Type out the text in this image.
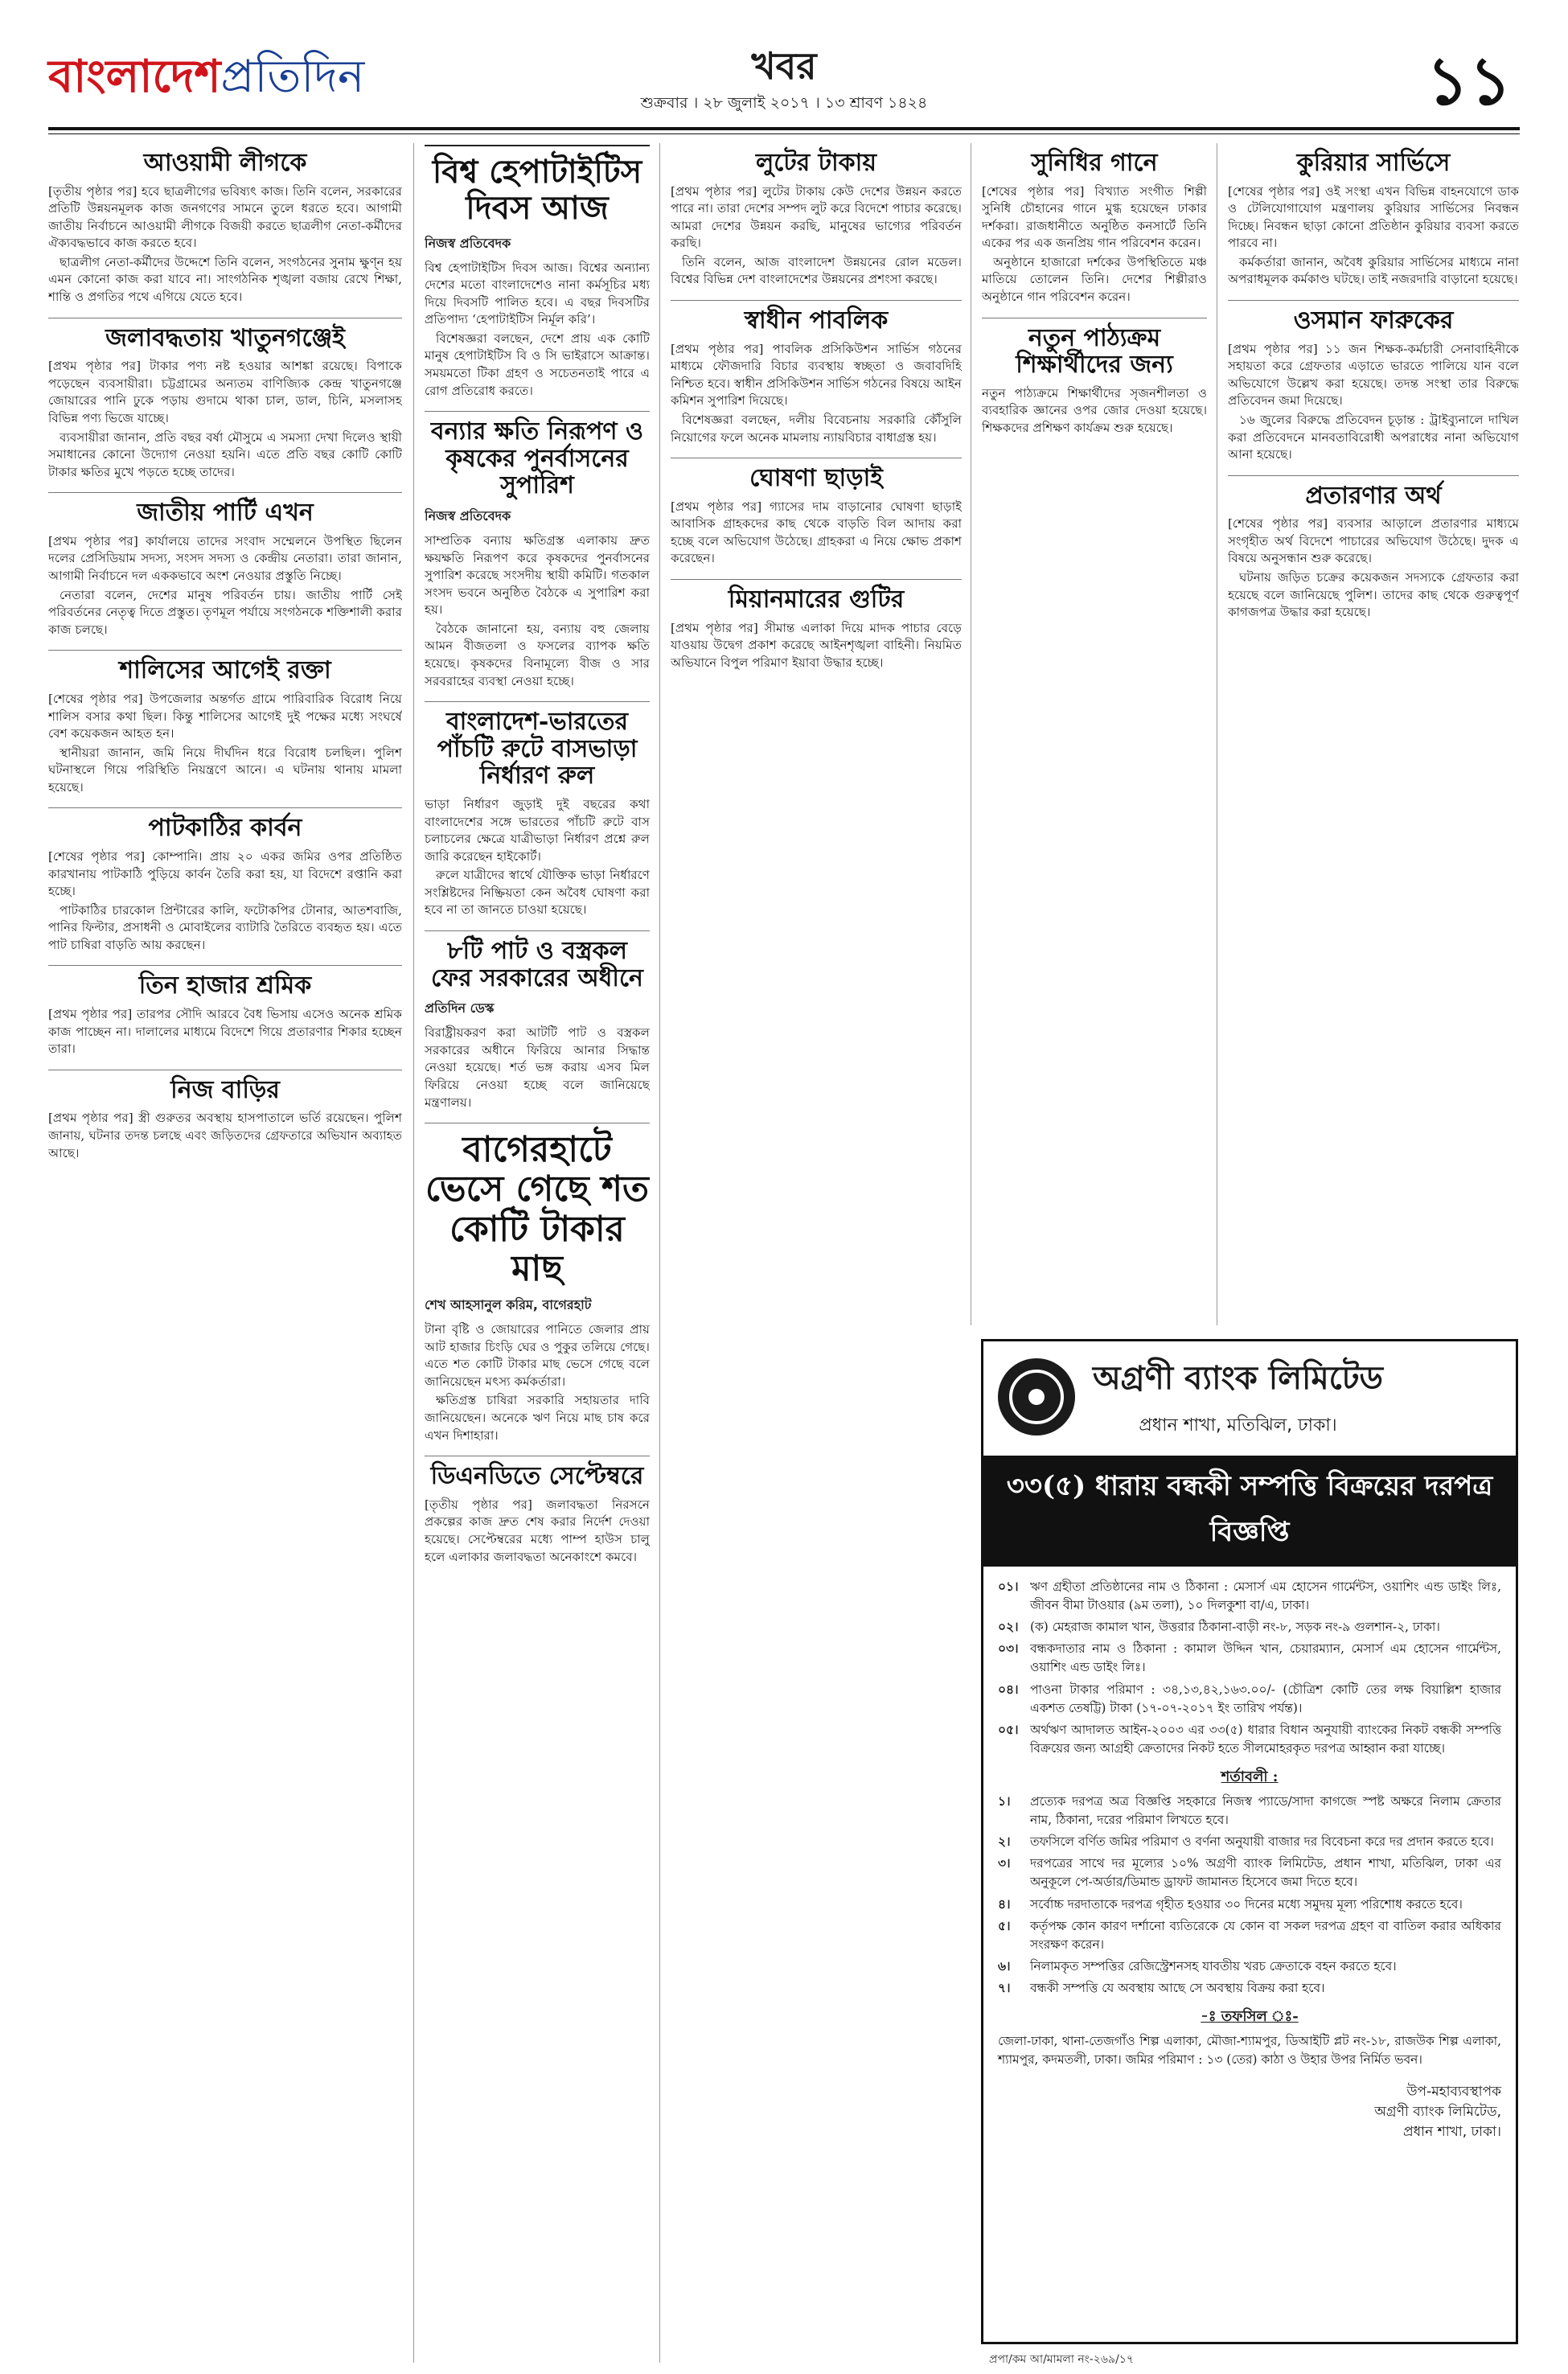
বাংলাদেশপ্রতিদিন	খবর
শুক্রবার । ২৮ জুলাই ২০১৭ । ১৩ শ্রাবণ ১৪২৪	১১
আওয়ামী লীগকে

[তৃতীয় পৃষ্ঠার পর] হবে ছাত্রলীগের ভবিষ্যৎ কাজ। তিনি বলেন, সরকারের প্রতিটি উন্নয়নমূলক কাজ জনগণের সামনে তুলে ধরতে হবে। আগামী জাতীয় নির্বাচনে আওয়ামী লীগকে বিজয়ী করতে ছাত্রলীগ নেতা-কর্মীদের ঐক্যবদ্ধভাবে কাজ করতে হবে।

ছাত্রলীগ নেতা-কর্মীদের উদ্দেশে তিনি বলেন, সংগঠনের সুনাম ক্ষুণ্ন হয় এমন কোনো কাজ করা যাবে না। সাংগঠনিক শৃঙ্খলা বজায় রেখে শিক্ষা, শান্তি ও প্রগতির পথে এগিয়ে যেতে হবে।

জলাবদ্ধতায় খাতুনগঞ্জেই

[প্রথম পৃষ্ঠার পর] টাকার পণ্য নষ্ট হওয়ার আশঙ্কা রয়েছে। বিপাকে পড়েছেন ব্যবসায়ীরা। চট্টগ্রামের অন্যতম বাণিজ্যিক কেন্দ্র খাতুনগঞ্জে জোয়ারের পানি ঢুকে পড়ায় গুদামে থাকা চাল, ডাল, চিনি, মসলাসহ বিভিন্ন পণ্য ভিজে যাচ্ছে।

ব্যবসায়ীরা জানান, প্রতি বছর বর্ষা মৌসুমে এ সমস্যা দেখা দিলেও স্থায়ী সমাধানের কোনো উদ্যোগ নেওয়া হয়নি। এতে প্রতি বছর কোটি কোটি টাকার ক্ষতির মুখে পড়তে হচ্ছে তাদের।

জাতীয় পার্টি এখন

[প্রথম পৃষ্ঠার পর] কার্যালয়ে তাদের সংবাদ সম্মেলনে উপস্থিত ছিলেন দলের প্রেসিডিয়াম সদস্য, সংসদ সদস্য ও কেন্দ্রীয় নেতারা। তারা জানান, আগামী নির্বাচনে দল এককভাবে অংশ নেওয়ার প্রস্তুতি নিচ্ছে।

নেতারা বলেন, দেশের মানুষ পরিবর্তন চায়। জাতীয় পার্টি সেই পরিবর্তনের নেতৃত্ব দিতে প্রস্তুত। তৃণমূল পর্যায়ে সংগঠনকে শক্তিশালী করার কাজ চলছে।

শালিসের আগেই রক্তা

[শেষের পৃষ্ঠার পর] উপজেলার অন্তর্গত গ্রামে পারিবারিক বিরোধ নিয়ে শালিস বসার কথা ছিল। কিন্তু শালিসের আগেই দুই পক্ষের মধ্যে সংঘর্ষে বেশ কয়েকজন আহত হন।

স্থানীয়রা জানান, জমি নিয়ে দীর্ঘদিন ধরে বিরোধ চলছিল। পুলিশ ঘটনাস্থলে গিয়ে পরিস্থিতি নিয়ন্ত্রণে আনে। এ ঘটনায় থানায় মামলা হয়েছে।

পাটকাঠির কার্বন

[শেষের পৃষ্ঠার পর] কোম্পানি। প্রায় ২০ একর জমির ওপর প্রতিষ্ঠিত কারখানায় পাটকাঠি পুড়িয়ে কার্বন তৈরি করা হয়, যা বিদেশে রপ্তানি করা হচ্ছে।

পাটকাঠির চারকোল প্রিন্টারের কালি, ফটোকপির টোনার, আতশবাজি, পানির ফিল্টার, প্রসাধনী ও মোবাইলের ব্যাটারি তৈরিতে ব্যবহৃত হয়। এতে পাট চাষিরা বাড়তি আয় করছেন।

তিন হাজার শ্রমিক

[প্রথম পৃষ্ঠার পর] তারপর সৌদি আরবে বৈধ ভিসায় এসেও অনেক শ্রমিক কাজ পাচ্ছেন না। দালালের মাধ্যমে বিদেশে গিয়ে প্রতারণার শিকার হচ্ছেন তারা।

নিজ বাড়ির

[প্রথম পৃষ্ঠার পর] স্ত্রী গুরুতর অবস্থায় হাসপাতালে ভর্তি রয়েছেন। পুলিশ জানায়, ঘটনার তদন্ত চলছে এবং জড়িতদের গ্রেফতারে অভিযান অব্যাহত আছে।

বিশ্ব হেপাটাইটিস দিবস আজ
নিজস্ব প্রতিবেদক

বিশ্ব হেপাটাইটিস দিবস আজ। বিশ্বের অন্যান্য দেশের মতো বাংলাদেশেও নানা কর্মসূচির মধ্য দিয়ে দিবসটি পালিত হবে। এ বছর দিবসটির প্রতিপাদ্য ‘হেপাটাইটিস নির্মূল করি’।

বিশেষজ্ঞরা বলছেন, দেশে প্রায় এক কোটি মানুষ হেপাটাইটিস বি ও সি ভাইরাসে আক্রান্ত। সময়মতো টিকা গ্রহণ ও সচেতনতাই পারে এ রোগ প্রতিরোধ করতে।

বন্যার ক্ষতি নিরূপণ ও কৃষকের পুনর্বাসনের সুপারিশ
নিজস্ব প্রতিবেদক

সাম্প্রতিক বন্যায় ক্ষতিগ্রস্ত এলাকায় দ্রুত ক্ষয়ক্ষতি নিরূপণ করে কৃষকদের পুনর্বাসনের সুপারিশ করেছে সংসদীয় স্থায়ী কমিটি। গতকাল সংসদ ভবনে অনুষ্ঠিত বৈঠকে এ সুপারিশ করা হয়।

বৈঠকে জানানো হয়, বন্যায় বহু জেলায় আমন বীজতলা ও ফসলের ব্যাপক ক্ষতি হয়েছে। কৃষকদের বিনামূল্যে বীজ ও সার সরবরাহের ব্যবস্থা নেওয়া হচ্ছে।

বাংলাদেশ-ভারতের পাঁচটি রুটে বাসভাড়া নির্ধারণ রুল

ভাড়া নির্ধারণ জুড়াই দুই বছরের কথা বাংলাদেশের সঙ্গে ভারতের পাঁচটি রুটে বাস চলাচলের ক্ষেত্রে যাত্রীভাড়া নির্ধারণ প্রশ্নে রুল জারি করেছেন হাইকোর্ট।

রুলে যাত্রীদের স্বার্থে যৌক্তিক ভাড়া নির্ধারণে সংশ্লিষ্টদের নিষ্ক্রিয়তা কেন অবৈধ ঘোষণা করা হবে না তা জানতে চাওয়া হয়েছে।

৮টি পাট ও বস্ত্রকল ফের সরকারের অধীনে
প্রতিদিন ডেস্ক

বিরাষ্ট্রীয়করণ করা আটটি পাট ও বস্ত্রকল সরকারের অধীনে ফিরিয়ে আনার সিদ্ধান্ত নেওয়া হয়েছে। শর্ত ভঙ্গ করায় এসব মিল ফিরিয়ে নেওয়া হচ্ছে বলে জানিয়েছে মন্ত্রণালয়।

বাগেরহাটে ভেসে গেছে শত কোটি টাকার মাছ
শেখ আহসানুল করিম, বাগেরহাট

টানা বৃষ্টি ও জোয়ারের পানিতে জেলার প্রায় আট হাজার চিংড়ি ঘের ও পুকুর তলিয়ে গেছে। এতে শত কোটি টাকার মাছ ভেসে গেছে বলে জানিয়েছেন মৎস্য কর্মকর্তারা।

ক্ষতিগ্রস্ত চাষিরা সরকারি সহায়তার দাবি জানিয়েছেন। অনেকে ঋণ নিয়ে মাছ চাষ করে এখন দিশাহারা।

ডিএনডিতে সেপ্টেম্বরে

[তৃতীয় পৃষ্ঠার পর] জলাবদ্ধতা নিরসনে প্রকল্পের কাজ দ্রুত শেষ করার নির্দেশ দেওয়া হয়েছে। সেপ্টেম্বরের মধ্যে পাম্প হাউস চালু হলে এলাকার জলাবদ্ধতা অনেকাংশে কমবে।

লুটের টাকায়

[প্রথম পৃষ্ঠার পর] লুটের টাকায় কেউ দেশের উন্নয়ন করতে পারে না। তারা দেশের সম্পদ লুট করে বিদেশে পাচার করেছে। আমরা দেশের উন্নয়ন করছি, মানুষের ভাগ্যের পরিবর্তন করছি।

তিনি বলেন, আজ বাংলাদেশ উন্নয়নের রোল মডেল। বিশ্বের বিভিন্ন দেশ বাংলাদেশের উন্নয়নের প্রশংসা করছে।

স্বাধীন পাবলিক

[প্রথম পৃষ্ঠার পর] পাবলিক প্রসিকিউশন সার্ভিস গঠনের মাধ্যমে ফৌজদারি বিচার ব্যবস্থায় স্বচ্ছতা ও জবাবদিহি নিশ্চিত হবে। স্বাধীন প্রসিকিউশন সার্ভিস গঠনের বিষয়ে আইন কমিশন সুপারিশ দিয়েছে।

বিশেষজ্ঞরা বলছেন, দলীয় বিবেচনায় সরকারি কৌঁসুলি নিয়োগের ফলে অনেক মামলায় ন্যায়বিচার বাধাগ্রস্ত হয়।

ঘোষণা ছাড়াই

[প্রথম পৃষ্ঠার পর] গ্যাসের দাম বাড়ানোর ঘোষণা ছাড়াই আবাসিক গ্রাহকদের কাছ থেকে বাড়তি বিল আদায় করা হচ্ছে বলে অভিযোগ উঠেছে। গ্রাহকরা এ নিয়ে ক্ষোভ প্রকাশ করেছেন।

মিয়ানমারের গুটির

[প্রথম পৃষ্ঠার পর] সীমান্ত এলাকা দিয়ে মাদক পাচার বেড়ে যাওয়ায় উদ্বেগ প্রকাশ করেছে আইনশৃঙ্খলা বাহিনী। নিয়মিত অভিযানে বিপুল পরিমাণ ইয়াবা উদ্ধার হচ্ছে।

সুনিধির গানে

[শেষের পৃষ্ঠার পর] বিখ্যাত সংগীত শিল্পী সুনিধি চৌহানের গানে মুগ্ধ হয়েছেন ঢাকার দর্শকরা। রাজধানীতে অনুষ্ঠিত কনসার্টে তিনি একের পর এক জনপ্রিয় গান পরিবেশন করেন।

অনুষ্ঠানে হাজারো দর্শকের উপস্থিতিতে মঞ্চ মাতিয়ে তোলেন তিনি। দেশের শিল্পীরাও অনুষ্ঠানে গান পরিবেশন করেন।

নতুন পাঠ্যক্রম শিক্ষার্থীদের জন্য

নতুন পাঠ্যক্রমে শিক্ষার্থীদের সৃজনশীলতা ও ব্যবহারিক জ্ঞানের ওপর জোর দেওয়া হয়েছে। শিক্ষকদের প্রশিক্ষণ কার্যক্রম শুরু হয়েছে।

কুরিয়ার সার্ভিসে

[শেষের পৃষ্ঠার পর] ওই সংস্থা এখন বিভিন্ন বাহনযোগে ডাক ও টেলিযোগাযোগ মন্ত্রণালয় কুরিয়ার সার্ভিসের নিবন্ধন দিচ্ছে। নিবন্ধন ছাড়া কোনো প্রতিষ্ঠান কুরিয়ার ব্যবসা করতে পারবে না।

কর্মকর্তারা জানান, অবৈধ কুরিয়ার সার্ভিসের মাধ্যমে নানা অপরাধমূলক কর্মকাণ্ড ঘটছে। তাই নজরদারি বাড়ানো হয়েছে।

ওসমান ফারুকের

[প্রথম পৃষ্ঠার পর] ১১ জন শিক্ষক-কর্মচারী সেনাবাহিনীকে সহায়তা করে গ্রেফতার এড়াতে ভারতে পালিয়ে যান বলে অভিযোগে উল্লেখ করা হয়েছে। তদন্ত সংস্থা তার বিরুদ্ধে প্রতিবেদন জমা দিয়েছে।

১৬ জুলের বিরুদ্ধে প্রতিবেদন চূড়ান্ত : ট্রাইব্যুনালে দাখিল করা প্রতিবেদনে মানবতাবিরোধী অপরাধের নানা অভিযোগ আনা হয়েছে।

প্রতারণার অর্থ

[শেষের পৃষ্ঠার পর] ব্যবসার আড়ালে প্রতারণার মাধ্যমে সংগৃহীত অর্থ বিদেশে পাচারের অভিযোগ উঠেছে। দুদক এ বিষয়ে অনুসন্ধান শুরু করেছে।

ঘটনায় জড়িত চক্রের কয়েকজন সদস্যকে গ্রেফতার করা হয়েছে বলে জানিয়েছে পুলিশ। তাদের কাছ থেকে গুরুত্বপূর্ণ কাগজপত্র উদ্ধার করা হয়েছে।

অগ্রণী ব্যাংক লিমিটেড
প্রধান শাখা, মতিঝিল, ঢাকা।
৩৩(৫) ধারায় বন্ধকী সম্পত্তি বিক্রয়ের দরপত্র বিজ্ঞপ্তি
০১। ঋণ গ্রহীতা প্রতিষ্ঠানের নাম ও ঠিকানা : মেসার্স এম হোসেন গার্মেন্টস, ওয়াশিং এন্ড ডাইং লিঃ, জীবন বীমা টাওয়ার (৯ম তলা), ১০ দিলকুশা বা/এ, ঢাকা।
০২। (ক) মেহরাজ কামাল খান, উত্তরার ঠিকানা-বাড়ী নং-৮, সড়ক নং-৯ গুলশান-২, ঢাকা।
০৩। বন্ধকদাতার নাম ও ঠিকানা : কামাল উদ্দিন খান, চেয়ারম্যান, মেসার্স এম হোসেন গার্মেন্টস, ওয়াশিং এন্ড ডাইং লিঃ।
০৪। পাওনা টাকার পরিমাণ : ৩৪,১৩,৪২,১৬৩.০০/- (চৌত্রিশ কোটি তের লক্ষ বিয়াল্লিশ হাজার একশত তেষট্টি) টাকা (১৭-০৭-২০১৭ ইং তারিখ পর্যন্ত)।
০৫। অর্থঋণ আদালত আইন-২০০৩ এর ৩৩(৫) ধারার বিধান অনুযায়ী ব্যাংকের নিকট বন্ধকী সম্পত্তি বিক্রয়ের জন্য আগ্রহী ক্রেতাদের নিকট হতে সীলমোহরকৃত দরপত্র আহ্বান করা যাচ্ছে।
শর্তাবলী :
১।	প্রত্যেক দরপত্র অত্র বিজ্ঞপ্তি সহকারে নিজস্ব প্যাডে/সাদা কাগজে স্পষ্ট অক্ষরে নিলাম ক্রেতার নাম, ঠিকানা, দরের পরিমাণ লিখতে হবে।
২।	তফসিলে বর্ণিত জমির পরিমাণ ও বর্ণনা অনুযায়ী বাজার দর বিবেচনা করে দর প্রদান করতে হবে।
৩।	দরপত্রের সাথে দর মূল্যের ১০% অগ্রণী ব্যাংক লিমিটেড, প্রধান শাখা, মতিঝিল, ঢাকা এর অনুকূলে পে-অর্ডার/ডিমান্ড ড্রাফট জামানত হিসেবে জমা দিতে হবে।
৪।	সর্বোচ্চ দরদাতাকে দরপত্র গৃহীত হওয়ার ৩০ দিনের মধ্যে সমুদয় মূল্য পরিশোধ করতে হবে।
৫।	কর্তৃপক্ষ কোন কারণ দর্শানো ব্যতিরেকে যে কোন বা সকল দরপত্র গ্রহণ বা বাতিল করার অধিকার সংরক্ষণ করেন।
৬।	নিলামকৃত সম্পত্তির রেজিস্ট্রেশনসহ যাবতীয় খরচ ক্রেতাকে বহন করতে হবে।
৭।	বন্ধকী সম্পত্তি যে অবস্থায় আছে সে অবস্থায় বিক্রয় করা হবে।
-ঃ তফসিল ঃ-
জেলা-ঢাকা, থানা-তেজগাঁও শিল্প এলাকা, মৌজা-শ্যামপুর, ডিআইটি প্লট নং-১৮, রাজউক শিল্প এলাকা, শ্যামপুর, কদমতলী, ঢাকা। জমির পরিমাণ : ১৩ (তের) কাঠা ও উহার উপর নির্মিত ভবন।
উপ-মহাব্যবস্থাপক
অগ্রণী ব্যাংক লিমিটেড,
প্রধান শাখা, ঢাকা।
প্রপা/কম আ/মামলা নং-২৬৯/১৭
